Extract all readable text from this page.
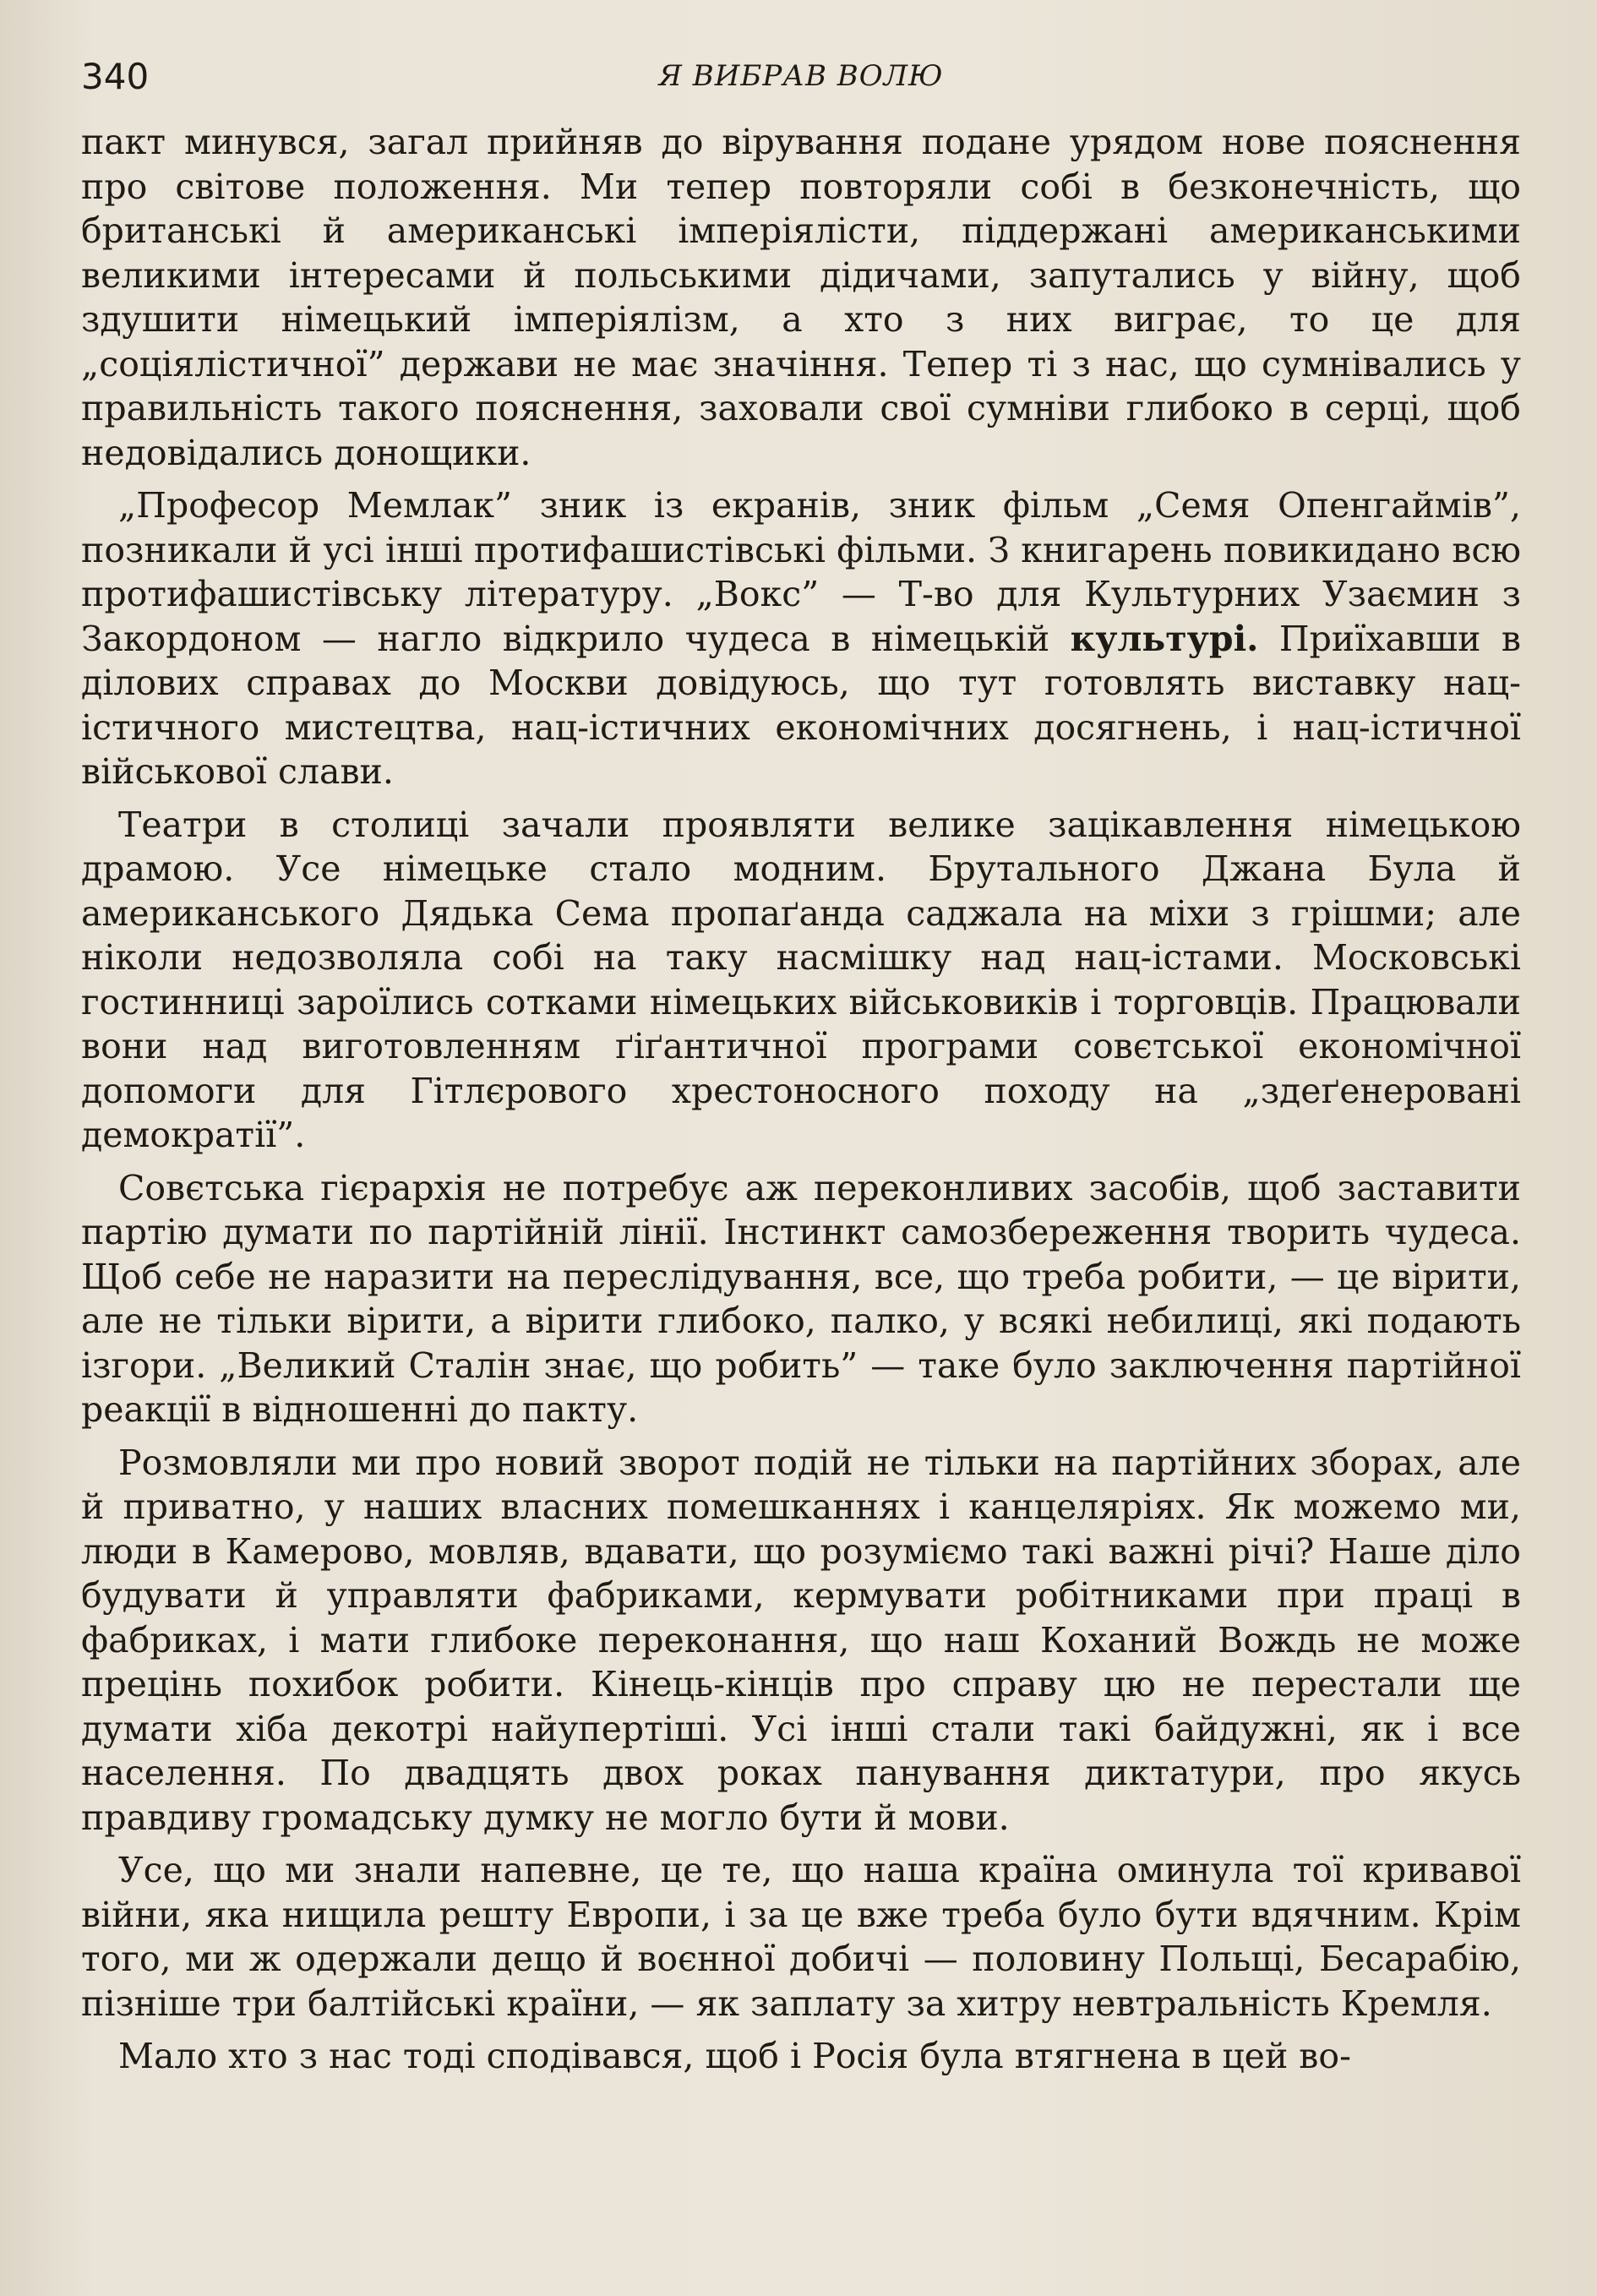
340	Я ВИБРАВ ВОЛЮ

пакт минувся, загал прийняв до вірування подане урядом нове пояснення про світове положення. Ми тепер повторяли собі в безконечність, що британські й американські імперіялісти, піддержані американськими великими інтересами й польськими дідичами, запутались у війну, щоб здушити німецький імперіялізм, а хто з них виграє, то це для „соціялістичної” держави не має значіння. Тепер ті з нас, що сумнівались у правильність такого пояснення, заховали свої сумніви глибоко в серці, щоб недовідались донощики.

„Професор Мемлак” зник із екранів, зник фільм „Семя Опенгаймів”, позникали й усі інші протифашистівські фільми. З книгарень повикидано всю протифашистівську літературу. „Вокс” — Т-во для Культурних Узаємин з Закордоном — нагло відкрило чудеса в німецькій культурі. Приїхавши в ділових справах до Москви довідуюсь, що тут готовлять виставку нац-істичного мистецтва, нац-істичних економічних досягнень, і нац-істичної військової слави.

Театри в столиці зачали проявляти велике зацікавлення німецькою драмою. Усе німецьке стало модним. Брутального Джана Була й американського Дядька Сема пропаґанда саджала на міхи з грішми; але ніколи недозволяла собі на таку насмішку над нац-істами. Московські гостинниці зароїлись сотками німецьких військовиків і торговців. Працювали вони над виготовленням ґіґантичної програми совєтської економічної допомоги для Гітлєрового хрестоносного походу на „здеґенеровані демократії”.

Совєтська гієрархія не потребує аж переконливих засобів, щоб заставити партію думати по партійній лінії. Інстинкт самозбереження творить чудеса. Щоб себе не наразити на переслідування, все, що треба робити, — це вірити, але не тільки вірити, а вірити глибоко, палко, у всякі небилиці, які подають ізгори. „Великий Сталін знає, що робить” — таке було заключення партійної реакції в відношенні до пакту.

Розмовляли ми про новий зворот подій не тільки на партійних зборах, але й приватно, у наших власних помешканнях і канцеляріях. Як можемо ми, люди в Камерово, мовляв, вдавати, що розуміємо такі важні річі? Наше діло будувати й управляти фабриками, кермувати робітниками при праці в фабриках, і мати глибоке переконання, що наш Коханий Вождь не може прецінь похибок робити. Кінець-кінців про справу цю не перестали ще думати хіба декотрі найупертіші. Усі інші стали такі байдужні, як і все населення. По двадцять двох роках панування диктатури, про якусь правдиву громадську думку не могло бути й мови.

Усе, що ми знали напевне, це те, що наша країна оминула тої кривавої війни, яка нищила решту Европи, і за це вже треба було бути вдячним. Крім того, ми ж одержали дещо й воєнної добичі — половину Польщі, Бесарабію, пізніше три балтійські країни, — як заплату за хитру невтральність Кремля.

Мало хто з нас тоді сподівався, щоб і Росія була втягнена в цей во-
